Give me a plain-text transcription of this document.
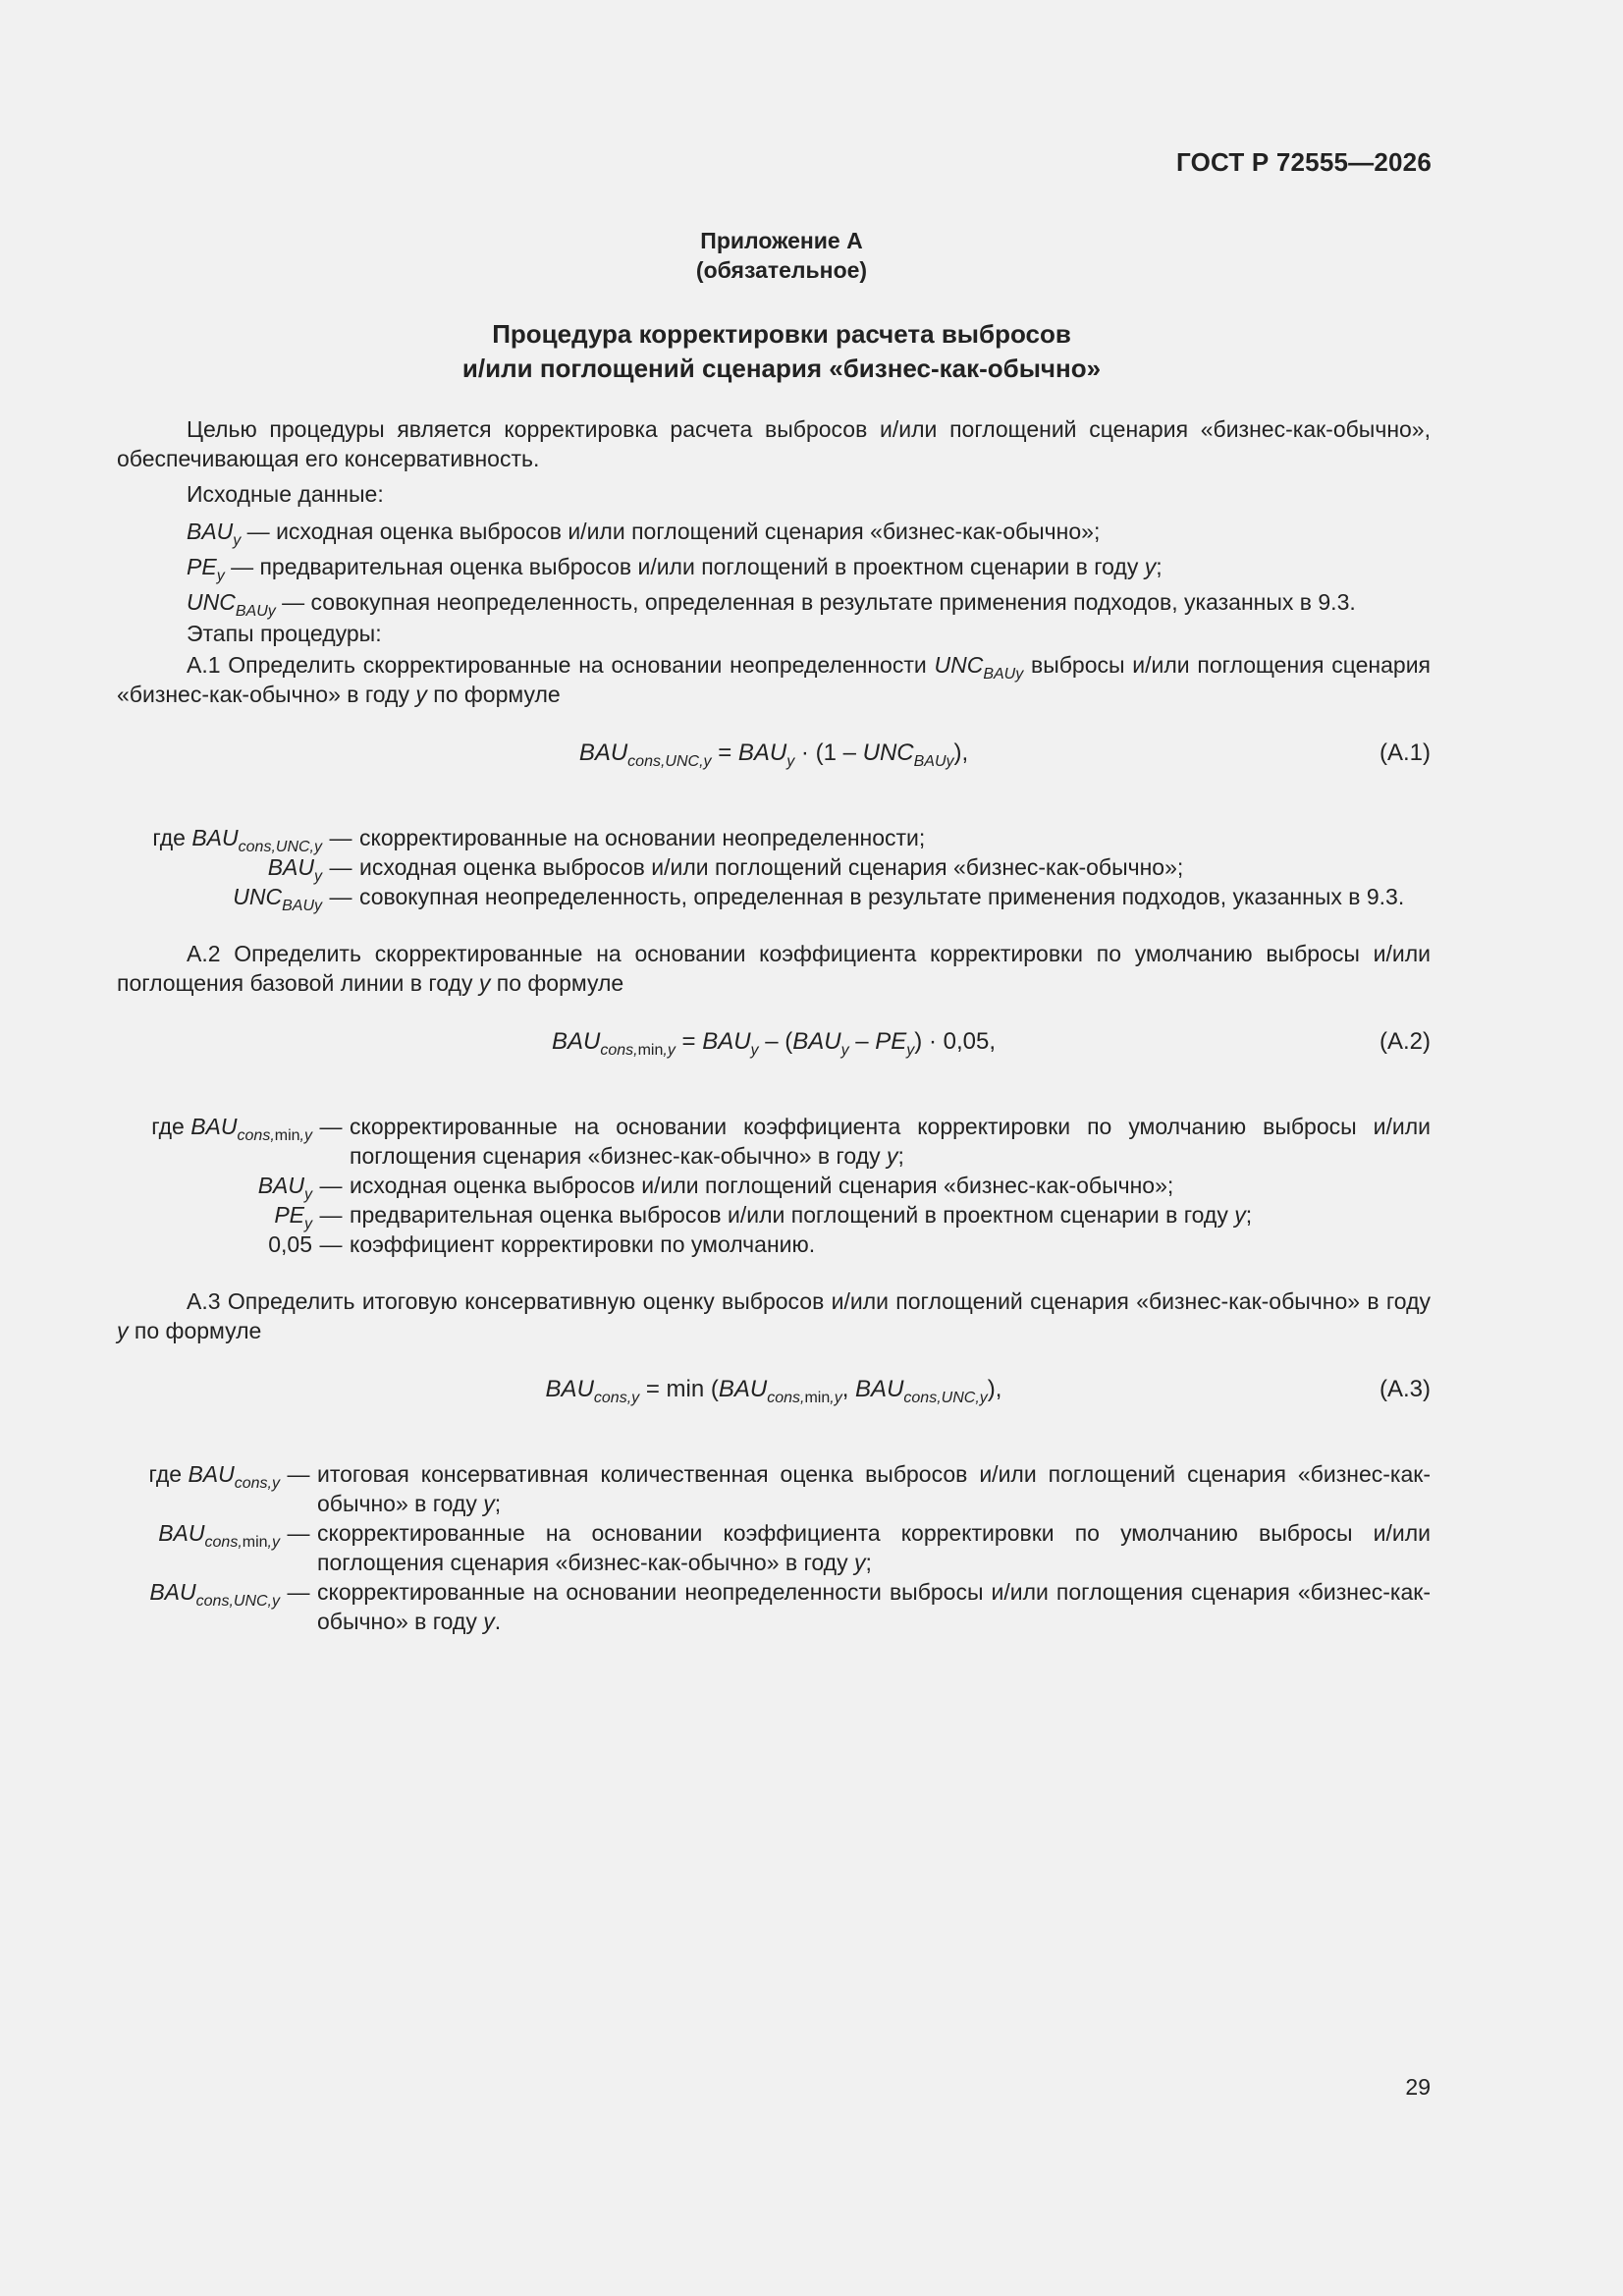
ГОСТ Р 72555—2026
Приложение А
(обязательное)
Процедура корректировки расчета выбросов
и/или поглощений сценария «бизнес-как-обычно»

Целью процедуры является корректировка расчета выбросов и/или поглощений сценария «бизнес-как-обычно», обеспечивающая его консервативность.

Исходные данные:

$BAU_y$ — исходная оценка выбросов и/или поглощений сценария «бизнес-как-обычно»;

$PE_y$ — предварительная оценка выбросов и/или поглощений в проектном сценарии в году y;

$UNC_{BAUy}$ — совокупная неопределенность, определенная в результате применения подходов, указанных в 9.3.

Этапы процедуры:

А.1 Определить скорректированные на основании неопределенности $UNC_{BAUy}$ выбросы и/или поглощения сценария «бизнес-как-обычно» в году y по формуле

$BAU_{cons,UNC,y} = BAU_y \cdot (1 - UNC_{BAUy})$,	(А.1)
где $BAU_{cons,UNC,y}$ — скорректированные на основании неопределенности;
$BAU_y$ — исходная оценка выбросов и/или поглощений сценария «бизнес-как-обычно»;
$UNC_{BAUy}$ — совокупная неопределенность, определенная в результате применения подходов, указанных в 9.3.

А.2 Определить скорректированные на основании коэффициента корректировки по умолчанию выбросы и/или поглощения базовой линии в году y по формуле

$BAU_{cons,min,y} = BAU_y - (BAU_y - PE_y) \cdot 0,05$,	(А.2)
где $BAU_{cons,min,y}$ — скорректированные на основании коэффициента корректировки по умолчанию выбросы и/или поглощения сценария «бизнес-как-обычно» в году y;
$BAU_y$ — исходная оценка выбросов и/или поглощений сценария «бизнес-как-обычно»;
$PE_y$ — предварительная оценка выбросов и/или поглощений в проектном сценарии в году y;
0,05 — коэффициент корректировки по умолчанию.

А.3 Определить итоговую консервативную оценку выбросов и/или поглощений сценария «бизнес-как-обычно» в году y по формуле

$BAU_{cons,y} = \min (BAU_{cons,min,y}$, $BAU_{cons,UNC,y}$),	(А.3)
где $BAU_{cons,y}$ — итоговая консервативная количественная оценка выбросов и/или поглощений сценария «бизнес-как-обычно» в году y;
$BAU_{cons,min,y}$ — скорректированные на основании коэффициента корректировки по умолчанию выбросы и/или поглощения сценария «бизнес-как-обычно» в году y;
$BAU_{cons,UNC,y}$ — скорректированные на основании неопределенности выбросы и/или поглощения сценария «бизнес-как-обычно» в году y.
29
